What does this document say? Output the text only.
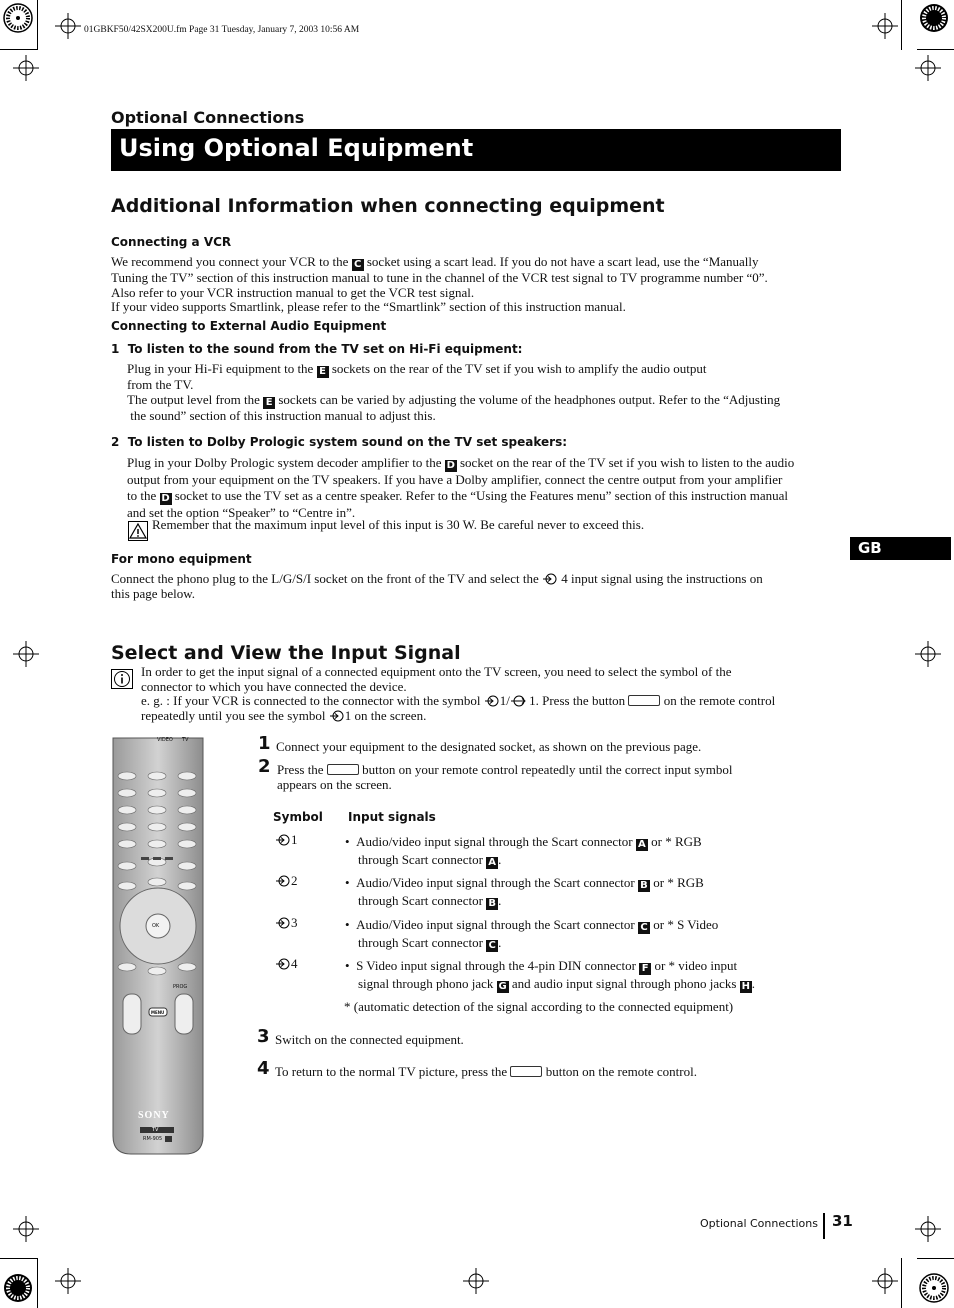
01GBKF50/42SX200U.fm Page 31 Tuesday, January 7, 2003 10:56 AM
Optional Connections
Using Optional Equipment
Additional Information when connecting equipment
Connecting a VCR
We recommend you connect your VCR to the C socket using a scart lead. If you do not have a scart lead, use the “Manually
Tuning the TV” section of this instruction manual to tune in the channel of the VCR test signal to TV programme number “0”.
Also refer to your VCR instruction manual to get the VCR test signal.
If your video supports Smartlink, please refer to the “Smartlink” section of this instruction manual.
Connecting to External Audio Equipment
1 To listen to the sound from the TV set on Hi-Fi equipment:
Plug in your Hi-Fi equipment to the E sockets on the rear of the TV set if you wish to amplify the audio output
from the TV.
The output level from the E sockets can be varied by adjusting the volume of the headphones output. Refer to the “Adjusting
the sound” section of this instruction manual to adjust this.
2 To listen to Dolby Prologic system sound on the TV set speakers:
Plug in your Dolby Prologic system decoder amplifier to the D socket on the rear of the TV set if you wish to listen to the audio
output from your equipment on the TV speakers. If you have a Dolby amplifier, connect the centre output from your amplifier
to the D socket to use the TV set as a centre speaker. Refer to the “Using the Features menu” section of this instruction manual
and set the option “Speaker” to “Centre in”.
Remember that the maximum input level of this input is 30 W. Be careful never to exceed this.
For mono equipment
Connect the phono plug to the L/G/S/I socket on the front of the TV and select the 4 input signal using the instructions on
this page below.
GB
Select and View the Input Signal
In order to get the input signal of a connected equipment onto the TV screen, you need to select the symbol of the
connector to which you have connected the device.
e. g. : If your VCR is connected to the connector with the symbol 1/ 1. Press the button	on the remote control
repeatedly until you see the symbol 1 on the screen.
VIDEO TV
OK
PROG
MENU
SONY
TV
RM-905
1 Connect your equipment to the designated socket, as shown on the previous page.
2 Press the	button on your remote control repeatedly until the correct input symbol
appears on the screen.
Symbol Input signals
1	• Audio/video input signal through the Scart connector A or * RGB
through Scart connector A .
2	• Audio/Video input signal through the Scart connector B or * RGB
through Scart connector B .
3	• Audio/Video input signal through the Scart connector C or * S Video
through Scart connector C .
4	• S Video input signal through the 4-pin DIN connector F or * video input
signal through phono jack G and audio input signal through phono jacks H .
* (automatic detection of the signal according to the connected equipment)
3 Switch on the connected equipment.
4 To return to the normal TV picture, press the	button on the remote control.
Optional Connections 31
